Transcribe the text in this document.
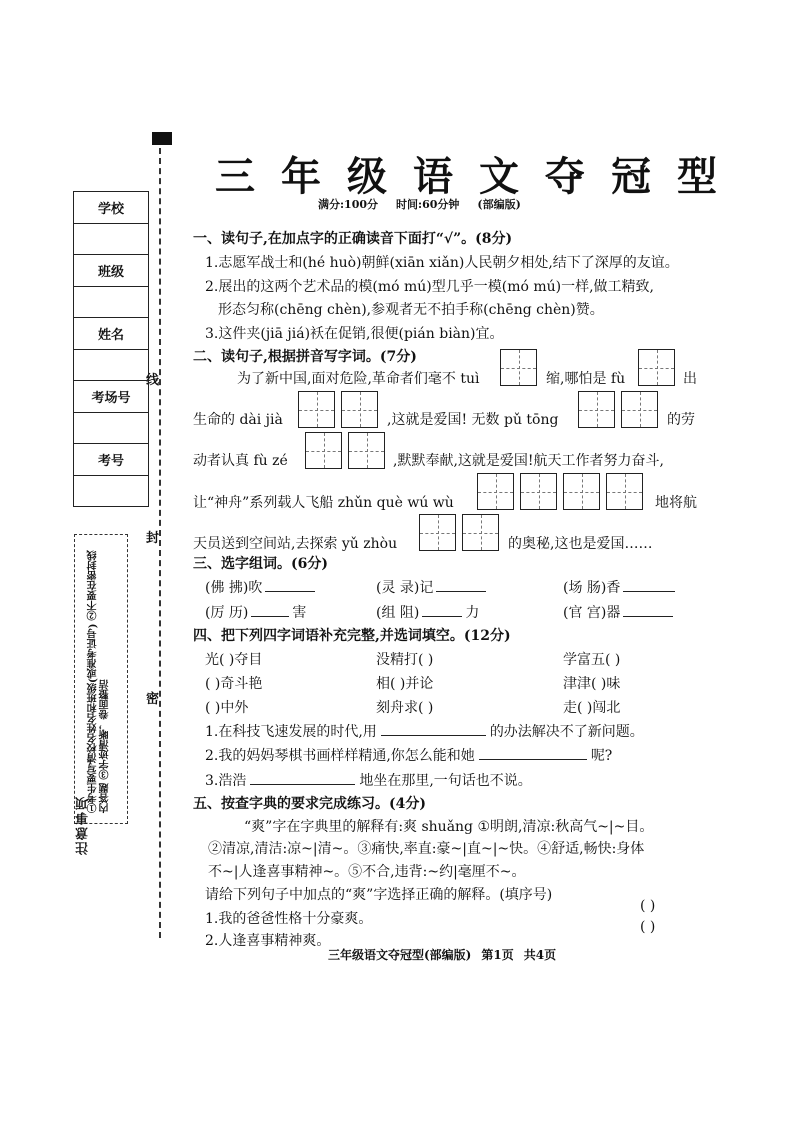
线
封
密
学校
班级
姓名
考场号
考号
①考生要写清校名姓名和班级(或准考证号) ②不要在密封线内答题 ③字迹清晰，卷面整洁
注意事项
三年级语文夺冠型
满分:100分 时间:60分钟 (部编版)
一、读句子,在加点字的正确读音下面打“√”。(8分)
1.志愿军战士和(hé huò)朝鲜(xiān xiǎn)人民朝夕相处,结下了深厚的友谊。
2.展出的这两个艺术品的模(mó mú)型几乎一模(mó mú)一样,做工精致,
形态匀称(chēng chèn),参观者无不拍手称(chēng chèn)赞。
3.这件夹(jiā jiá)袄在促销,很便(pián biàn)宜。
二、读句子,根据拼音写字词。(7分)
为了新中国,面对危险,革命者们毫不 tuì	缩,哪怕是 fù	出
生命的 dài jià	,这就是爱国! 无数 pǔ tōng	的劳
动者认真 fù zé	,默默奉献,这就是爱国!航天工作者努力奋斗,
让“神舟”系列载人飞船 zhǔn què wú wù	地将航
天员送到空间站,去探索 yǔ zhòu	的奥秘,这也是爱国……
三、选字组词。(6分)
(佛 拂)吹	(灵 录)记	(场 肠)香
(厉 历)	害	(组 阻)	力	(官 宫)器
四、把下列四字词语补充完整,并选词填空。(12分)
光( )夺目	没精打( )	学富五( )
( )奇斗艳	相( )并论	津津( )味
( )中外	刻舟求( )	走( )闯北
1.在科技飞速发展的时代,用	的办法解决不了新问题。
2.我的妈妈琴棋书画样样精通,你怎么能和她	呢?
3.浩浩	地坐在那里,一句话也不说。
五、按查字典的要求完成练习。(4分)
“爽”字在字典里的解释有:爽 shuǎng ①明朗,清凉:秋高气~|~目。
②清凉,清洁:凉~|清~。③痛快,率直:豪~|直~|~快。④舒适,畅快:身体
不~|人逢喜事精神~。⑤不合,违背:~约|毫厘不~。
请给下列句子中加点的“爽”字选择正确的解释。(填序号)
1.我的爸爸性格十分豪爽。
( )
2.人逢喜事精神爽。
( )
三年级语文夺冠型(部编版) 第1页 共4页
